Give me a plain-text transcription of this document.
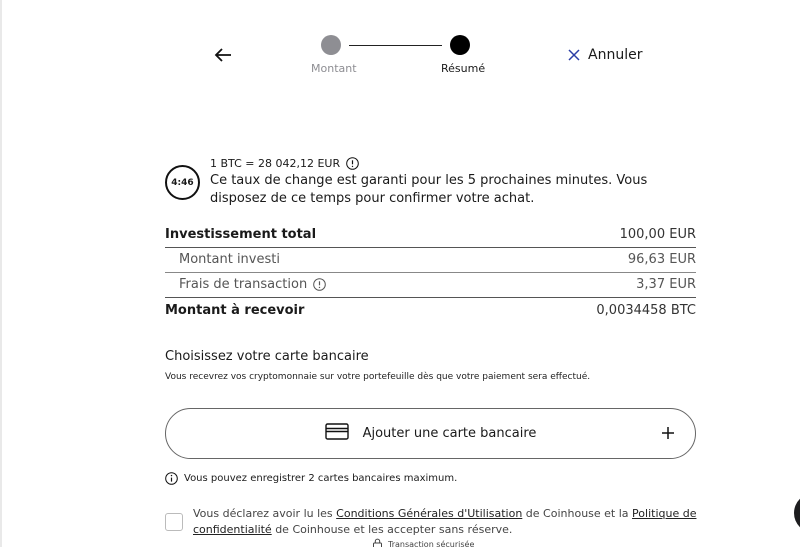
Montant	Résumé
Annuler
4:46
1 BTC = 28 042,12 EUR
Ce taux de change est garanti pour les 5 prochaines minutes. Vous disposez de ce temps pour confirmer votre achat.
Investissement total	100,00 EUR
Montant investi	96,63 EUR
Frais de transaction	3,37 EUR
Montant à recevoir	0,0034458 BTC
Choisissez votre carte bancaire
Vous recevrez vos cryptomonnaie sur votre portefeuille dès que votre paiement sera effectué.
Ajouter une carte bancaire
Vous pouvez enregistrer 2 cartes bancaires maximum.
Vous déclarez avoir lu les Conditions Générales d'Utilisation de Coinhouse et la Politique de confidentialité de Coinhouse et les accepter sans réserve.
Transaction sécurisée
